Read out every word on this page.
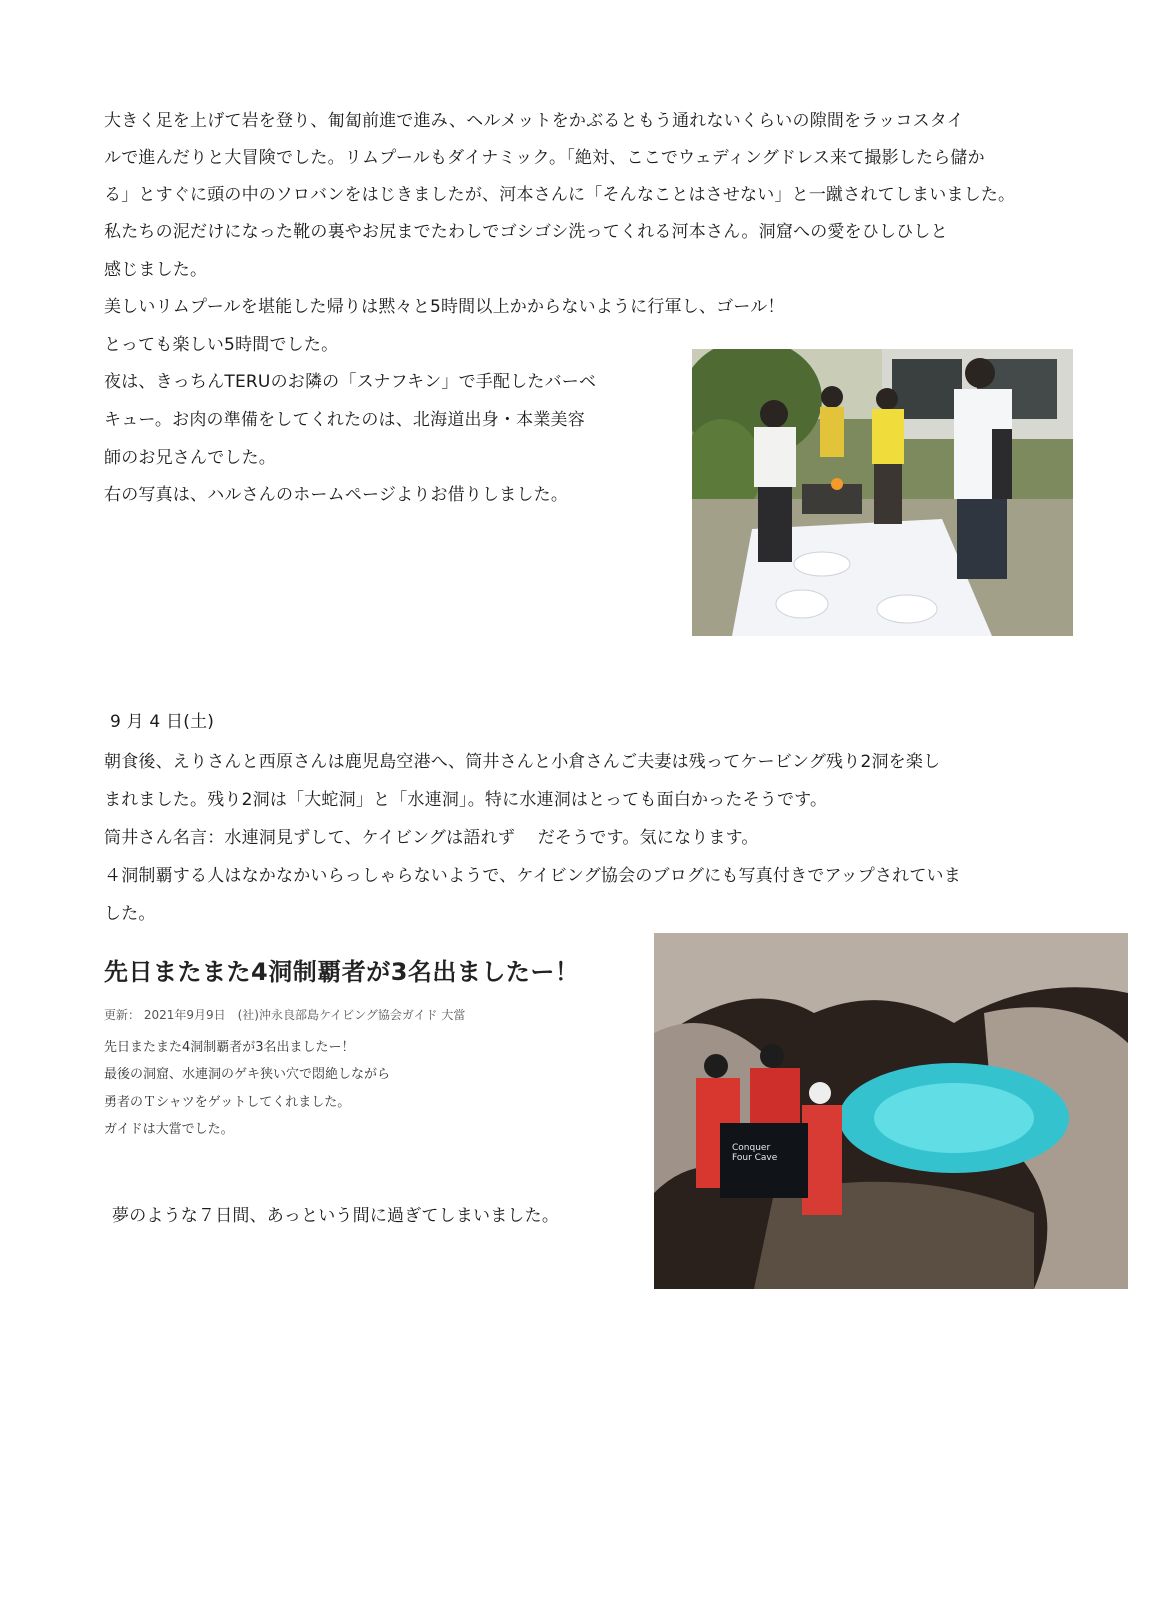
大きく足を上げて岩を登り、匍匐前進で進み、ヘルメットをかぶるともう通れないくらいの隙間をラッコスタイ
ルで進んだりと大冒険でした。リムプールもダイナミック。「絶対、ここでウェディングドレス来て撮影したら儲か
る」とすぐに頭の中のソロバンをはじきましたが、河本さんに「そんなことはさせない」と一蹴されてしまいました。
私たちの泥だけになった靴の裏やお尻までたわしでゴシゴシ洗ってくれる河本さん。洞窟への愛をひしひしと
感じました。
美しいリムプールを堪能した帰りは黙々と5時間以上かからないように行軍し、ゴール！
とっても楽しい5時間でした。
夜は、きっちんTERUのお隣の「スナフキン」で手配したバーベ
キュー。お肉の準備をしてくれたのは、北海道出身・本業美容
師のお兄さんでした。
右の写真は、ハルさんのホームページよりお借りしました。
9 月 4 日(土)
朝食後、えりさんと西原さんは鹿児島空港へ、筒井さんと小倉さんご夫妻は残ってケービング残り2洞を楽し
まれました。残り2洞は「大蛇洞」と「水連洞」。特に水連洞はとっても面白かったそうです。
筒井さん名言：水連洞見ずして、ケイビングは語れず　 だそうです。気になります。
４洞制覇する人はなかなかいらっしゃらないようで、ケイビング協会のブログにも写真付きでアップされていま
した。
先日またまた4洞制覇者が3名出ましたー！
更新： 2021年9月9日　(社)沖永良部島ケイビング協会ガイド 大當
先日またまた4洞制覇者が3名出ましたー！
最後の洞窟、水連洞のゲキ狭い穴で悶絶しながら
勇者のＴシャツをゲットしてくれました。
ガイドは大當でした。
夢のような７日間、あっという間に過ぎてしまいました。
Conquer
Four Cave
